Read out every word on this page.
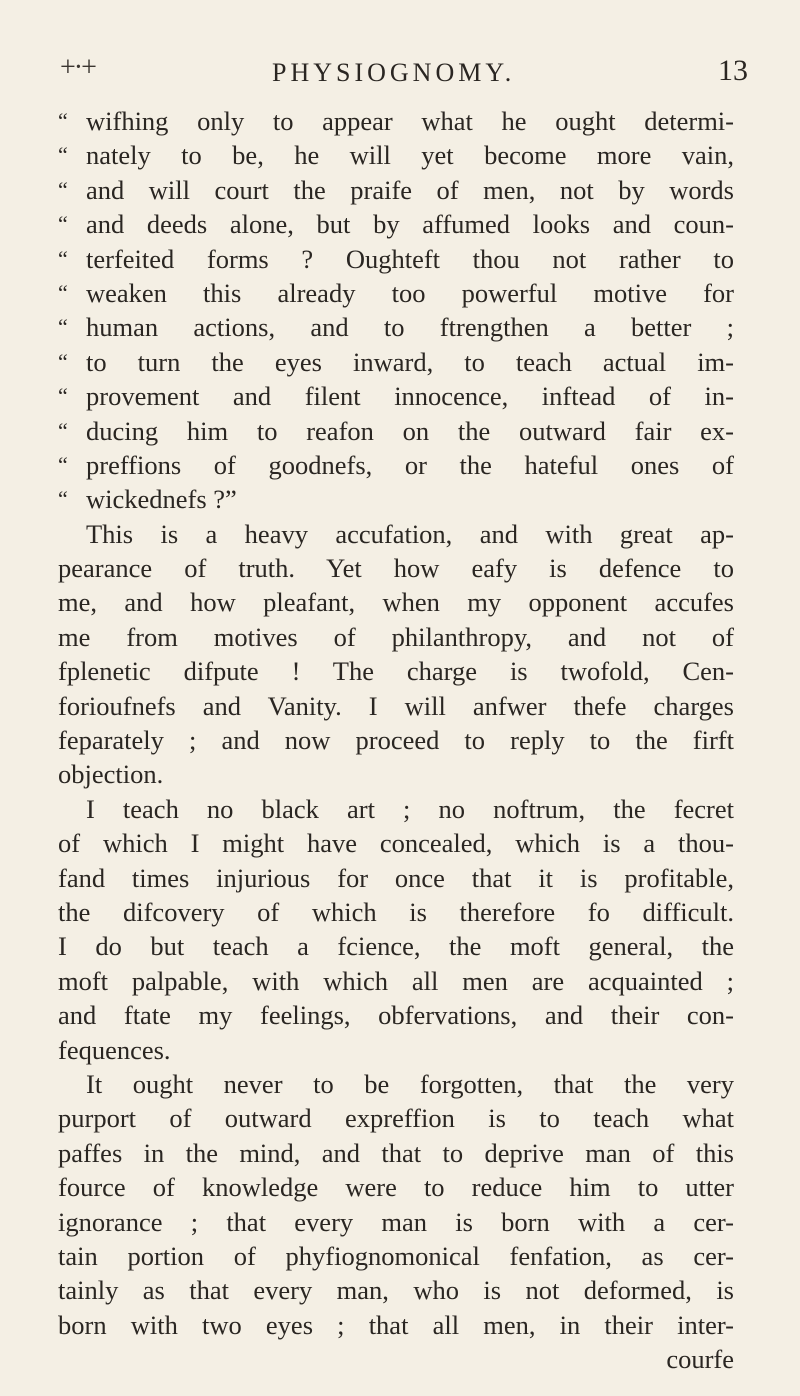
+·+	PHYSIOGNOMY.	13
“ wifhing only to appear what he ought determi-
“ nately to be, he will yet become more vain,
“ and will court the praife of men, not by words
“ and deeds alone, but by affumed looks and coun-
“ terfeited forms ? Oughteft thou not rather to
“ weaken this already too powerful motive for
“ human actions, and to ftrengthen a better ;
“ to turn the eyes inward, to teach actual im-
“ provement and filent innocence, inftead of in-
“ ducing him to reafon on the outward fair ex-
“ preffions of goodnefs, or the hateful ones of
“ wickednefs ?”
This is a heavy accufation, and with great ap-
pearance of truth. Yet how eafy is defence to
me, and how pleafant, when my opponent accufes
me from motives of philanthropy, and not of
fplenetic difpute ! The charge is twofold, Cen-
forioufnefs and Vanity. I will anfwer thefe charges
feparately ; and now proceed to reply to the firft
objection.
I teach no black art ; no noftrum, the fecret
of which I might have concealed, which is a thou-
fand times injurious for once that it is profitable,
the difcovery of which is therefore fo difficult.
I do but teach a fcience, the moft general, the
moft palpable, with which all men are acquainted ;
and ftate my feelings, obfervations, and their con-
fequences.
It ought never to be forgotten, that the very
purport of outward expreffion is to teach what
paffes in the mind, and that to deprive man of this
fource of knowledge were to reduce him to utter
ignorance ; that every man is born with a cer-
tain portion of phyfiognomonical fenfation, as cer-
tainly as that every man, who is not deformed, is
born with two eyes ; that all men, in their inter-
courfe
